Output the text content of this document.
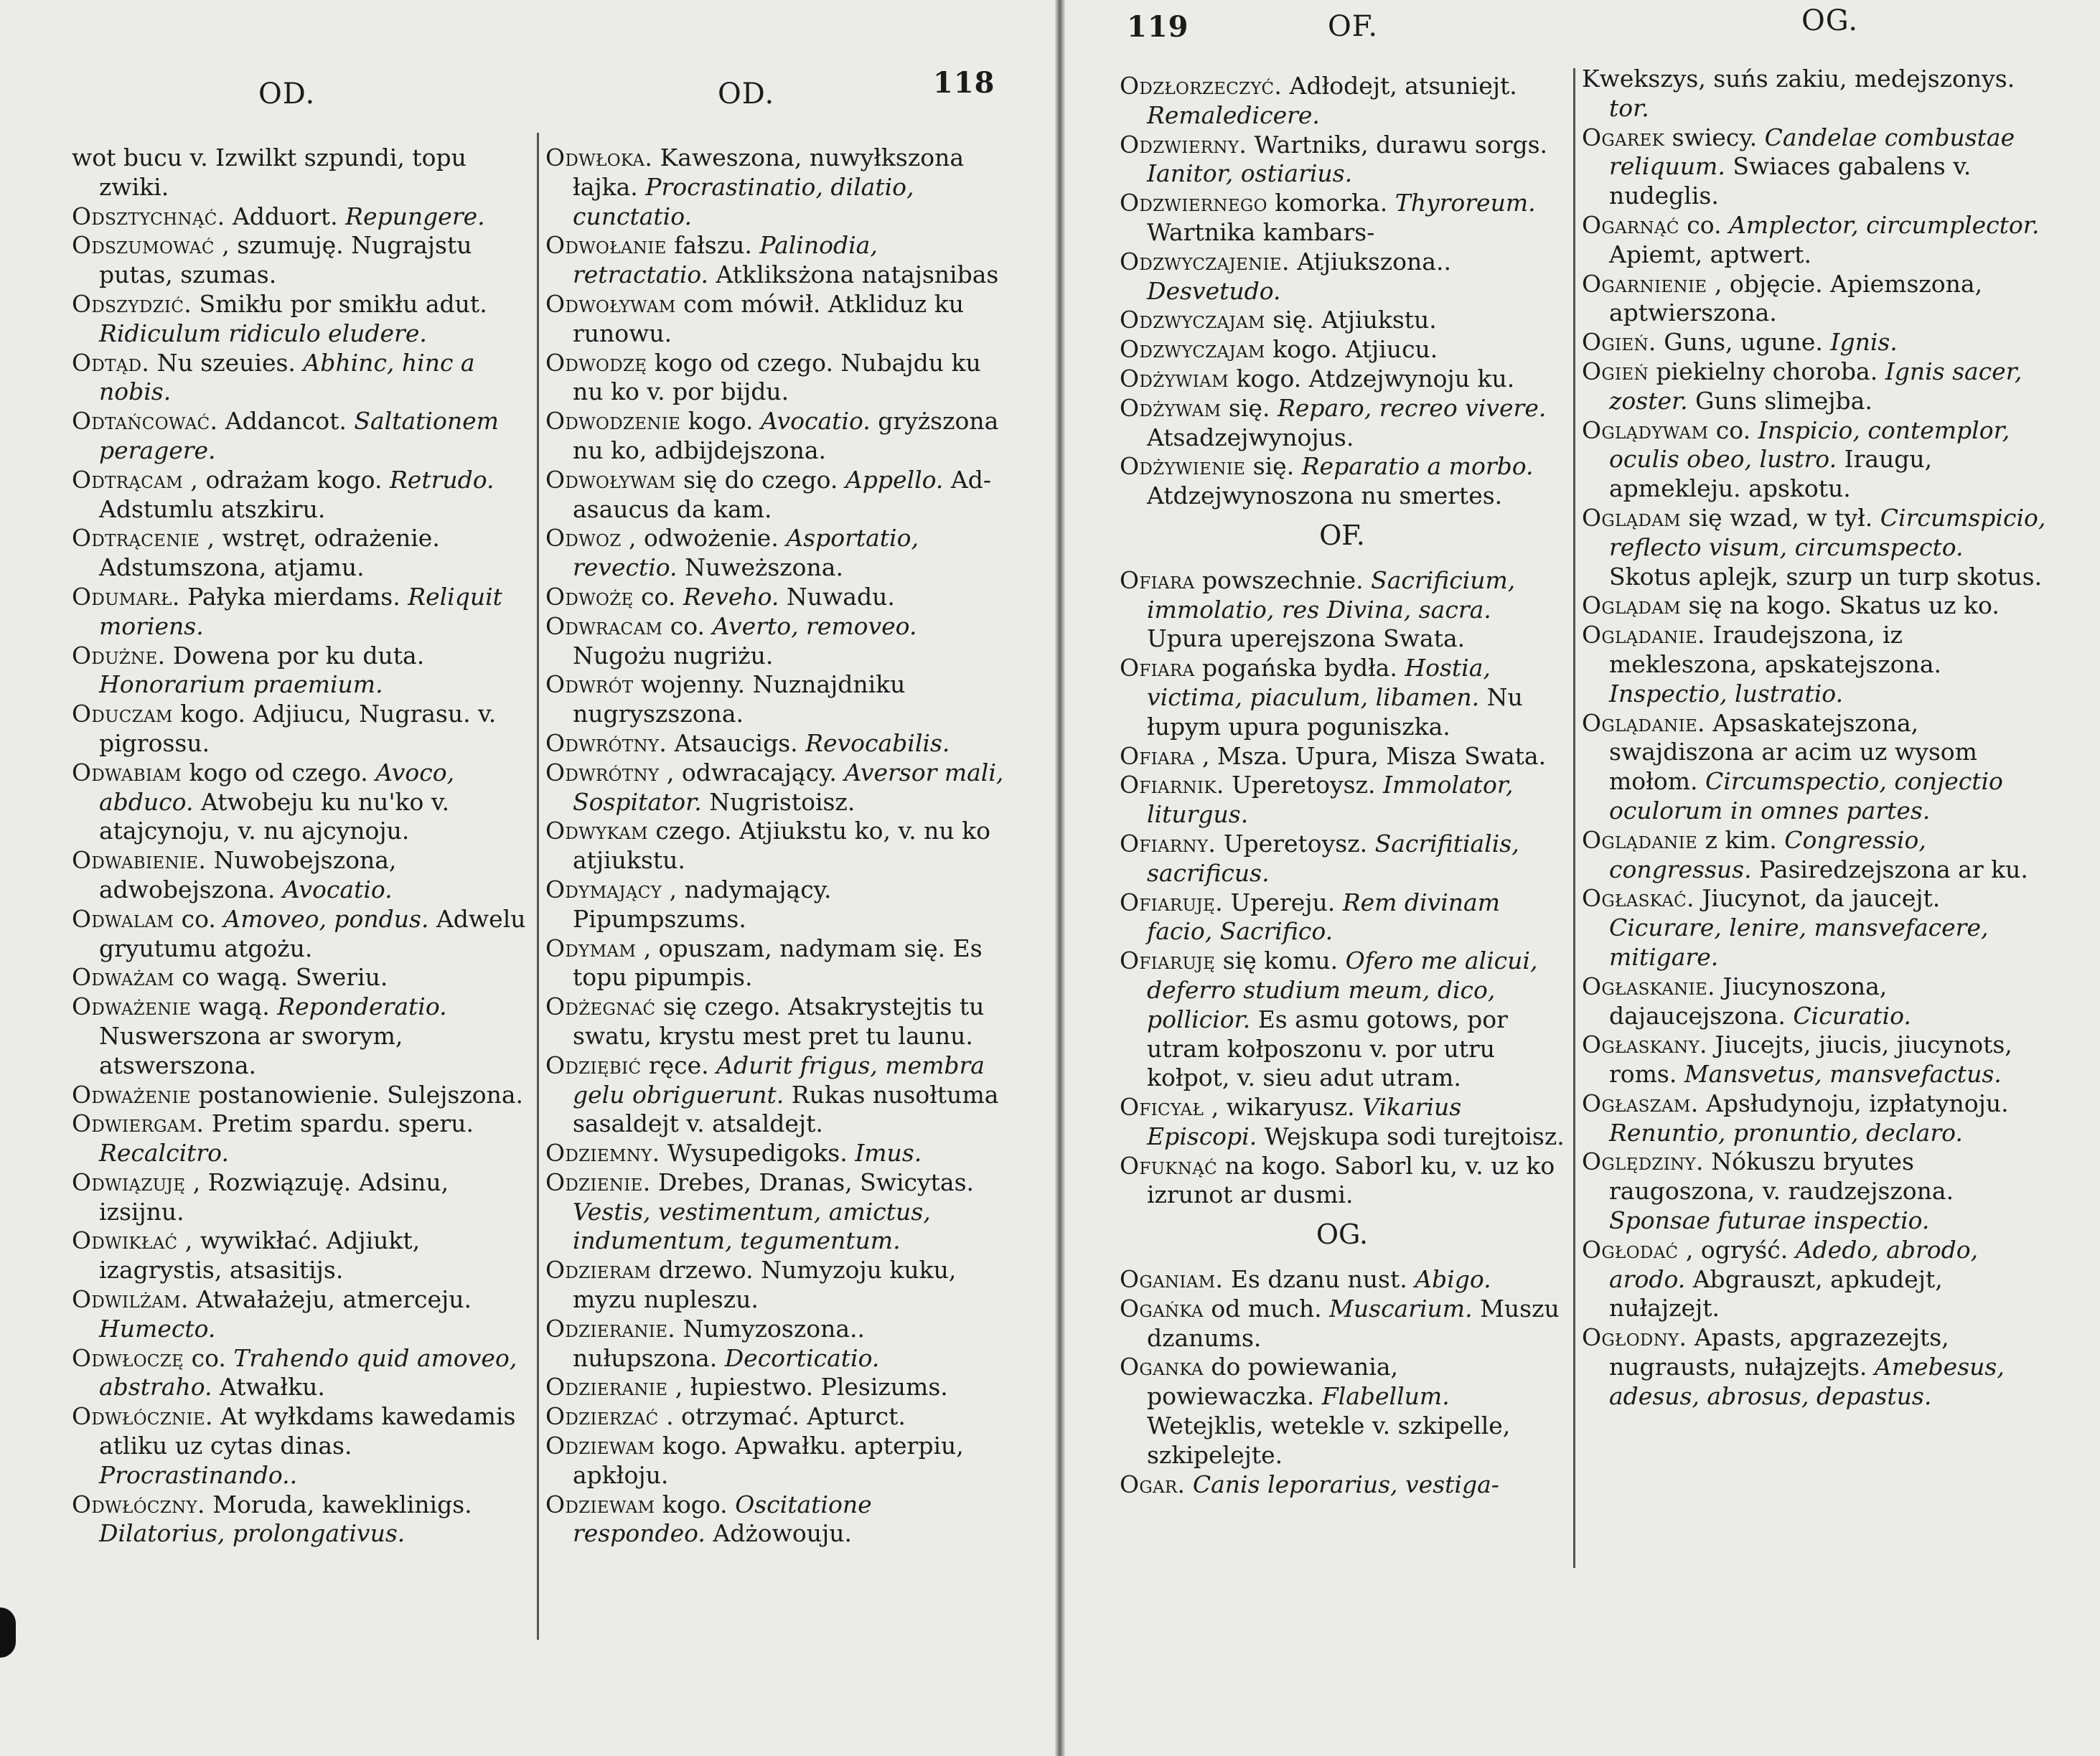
OD.	OD.	118

wot bucu v. Izwilkt szpundi, topu zwiki.

Odsztychnąć. Adduort. Repungere.

Odszumować , szumuję. Nugrajstu putas, szumas.

Odszydzić. Smikłu por smikłu adut. Ridiculum ridiculo eludere.

Odtąd. Nu szeuies. Abhinc, hinc a nobis.

Odtańcować. Addancot. Saltationem peragere.

Odtrącam , odrażam kogo. Retrudo. Adstumlu atszkiru.

Odtrącenie , wstręt, odrażenie. Adstumszona, atjamu.

Odumarł. Pałyka mierdams. Reliquit moriens.

Odużne. Dowena por ku duta. Honorarium praemium.

Oduczam kogo. Adjiucu, Nugrasu. v. pigrossu.

Odwabiam kogo od czego. Avoco, abduco. Atwobeju ku nu'ko v. atajcynoju, v. nu ajcynoju.

Odwabienie. Nuwobejszona, adwobejszona. Avocatio.

Odwalam co. Amoveo, pondus. Adwelu gryutumu atgożu.

Odważam co wagą. Sweriu.

Odważenie wagą. Reponderatio. Nuswerszona ar sworym, atswerszona.

Odważenie postanowienie. Sulejszona.

Odwiergam. Pretim spardu. speru. Recalcitro.

Odwiązuję , Rozwiązuję. Adsinu, izsijnu.

Odwikłać , wywikłać. Adjiukt, izagrystis, atsasitijs.

Odwilżam. Atwałażeju, atmerceju. Humecto.

Odwłoczę co. Trahendo quid amoveo, abstraho. Atwałku.

Odwłócznie. At wyłkdams kawedamis atliku uz cytas dinas. Procrastinando..

Odwłóczny. Moruda, kaweklinigs. Dilatorius, prolongativus.

Odwłoka. Kaweszona, nuwyłkszona łajka. Procrastinatio, dilatio, cunctatio.

Odwołanie fałszu. Palinodia, retractatio. Atkliksżona natajsnibas

Odwoływam com mówił. Atkliduz ku runowu.

Odwodzę kogo od czego. Nubajdu ku nu ko v. por bijdu.

Odwodzenie kogo. Avocatio. gryższona nu ko, adbijdejszona.

Odwoływam się do czego. Appello. Ad-asaucus da kam.

Odwoz , odwożenie. Asportatio, revectio. Nuweższona.

Odwożę co. Reveho. Nuwadu.

Odwracam co. Averto, removeo. Nugożu nugriżu.

Odwrót wojenny. Nuznajdniku nugryszszona.

Odwrótny. Atsaucigs. Revocabilis.

Odwrótny , odwracający. Aversor mali, Sospitator. Nugristoisz.

Odwykam czego. Atjiukstu ko, v. nu ko atjiukstu.

Odymający , nadymający. Pipumpszums.

Odymam , opuszam, nadymam się. Es topu pipumpis.

Odżegnać się czego. Atsakrystejtis tu swatu, krystu mest pret tu launu.

Odziębić ręce. Adurit frigus, membra gelu obriguerunt. Rukas nusołtuma sasaldejt v. atsaldejt.

Odziemny. Wysupedigoks. Imus.

Odzienie. Drebes, Dranas, Swicytas. Vestis, vestimentum, amictus, indumentum, tegumentum.

Odzieram drzewo. Numyzoju kuku, myzu nupleszu.

Odzieranie. Numyzoszona.. nułupszona. Decorticatio.

Odzieranie , łupiestwo. Plesizums.

Odzierzać . otrzymać. Apturct.

Odziewam kogo. Apwałku. apterpiu, apkłoju.

Odziewam kogo. Oscitatione respondeo. Adżowouju.

119	OF.	OG.

Odzłorzeczyć. Adłodejt, atsuniejt. Remaledicere.

Odzwierny. Wartniks, durawu sorgs. Ianitor, ostiarius.

Odzwiernego komorka. Thyroreum. Wartnika kambars-

Odzwyczajenie. Atjiukszona.. Desvetudo.

Odzwyczajam się. Atjiukstu.

Odzwyczajam kogo. Atjiucu.

Odżywiam kogo. Atdzejwynoju ku.

Odżywam się. Reparo, recreo vivere. Atsadzejwynojus.

Odżywienie się. Reparatio a morbo. Atdzejwynoszona nu smertes.

OF.

Ofiara powszechnie. Sacrificium, immolatio, res Divina, sacra. Upura uperejszona Swata.

Ofiara pogańska bydła. Hostia, victima, piaculum, libamen. Nu łupym upura poguniszka.

Ofiara , Msza. Upura, Misza Swata.

Ofiarnik. Uperetoysz. Immolator, liturgus.

Ofiarny. Uperetoysz. Sacrifitialis, sacrificus.

Ofiaruję. Upereju. Rem divinam facio, Sacrifico.

Ofiaruję się komu. Ofero me alicui, deferro studium meum, dico, pollicior. Es asmu gotows, por utram kołposzonu v. por utru kołpot, v. sieu adut utram.

Oficyał , wikaryusz. Vikarius Episcopi. Wejskupa sodi turejtoisz.

Ofuknąć na kogo. Saborl ku, v. uz ko izrunot ar dusmi.

OG.

Oganiam. Es dzanu nust. Abigo.

Ogańka od much. Muscarium. Muszu dzanums.

Oganka do powiewania, powiewaczka. Flabellum. Wetejklis, wetekle v. szkipelle, szkipelejte.

Ogar. Canis leporarius, vestiga-

Kwekszys, suńs zakiu, medejszonys. tor.

Ogarek swiecy. Candelae combustae reliquum. Swiaces gabalens v. nudeglis.

Ogarnąć co. Amplector, circumplector. Apiemt, aptwert.

Ogarnienie , objęcie. Apiemszona, aptwierszona.

Ogień. Guns, ugune. Ignis.

Ogień piekielny choroba. Ignis sacer, zoster. Guns slimejba.

Oglądywam co. Inspicio, contemplor, oculis obeo, lustro. Iraugu, apmekleju. apskotu.

Oglądam się wzad, w tył. Circumspicio, reflecto visum, circumspecto. Skotus aplejk, szurp un turp skotus.

Oglądam się na kogo. Skatus uz ko.

Oglądanie. Iraudejszona, iz mekleszona, apskatejszona. Inspectio, lustratio.

Oglądanie. Apsaskatejszona, swajdiszona ar acim uz wysom mołom. Circumspectio, conjectio oculorum in omnes partes.

Oglądanie z kim. Congressio, congressus. Pasiredzejszona ar ku.

Ogłaskać. Jiucynot, da jaucejt. Cicurare, lenire, mansvefacere, mitigare.

Ogłaskanie. Jiucynoszona, dajaucejszona. Cicuratio.

Ogłaskany. Jiucejts, jiucis, jiucynots, roms. Mansvetus, mansvefactus.

Ogłaszam. Apsłudynoju, izpłatynoju. Renuntio, pronuntio, declaro.

Oględziny. Nókuszu bryutes raugoszona, v. raudzejszona. Sponsae futurae inspectio.

Ogłodać , ogryść. Adedo, abrodo, arodo. Abgrauszt, apkudejt, nułajzejt.

Ogłodny. Apasts, apgrazezejts, nugrausts, nułajzejts. Amebesus, adesus, abrosus, depastus.
